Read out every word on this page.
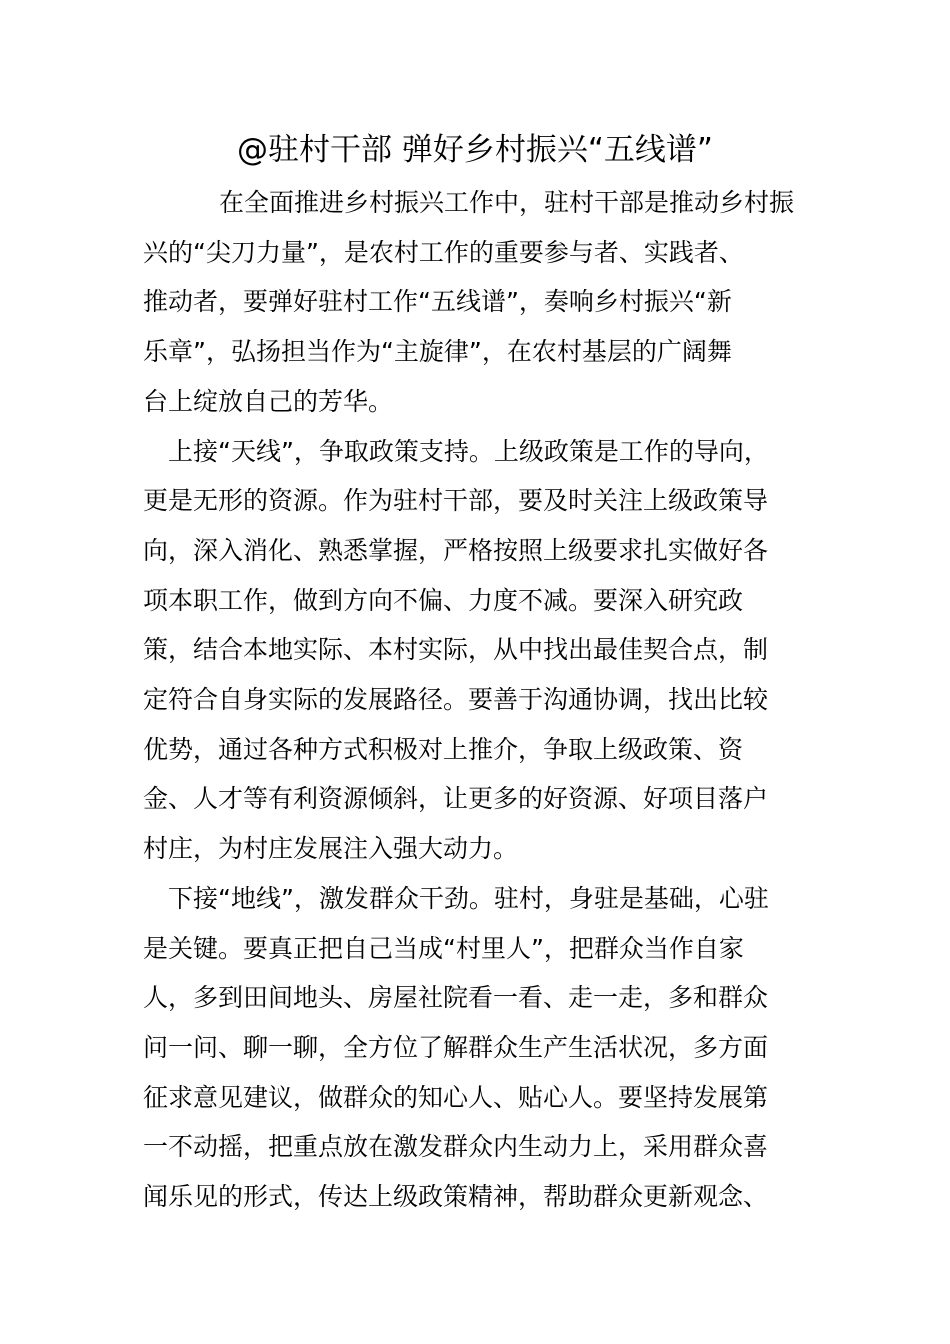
@驻村干部 弹好乡村振兴“五线谱”

在全面推进乡村振兴工作中，驻村干部是推动乡村振
兴的“尖刀力量”，是农村工作的重要参与者、实践者、
推动者，要弹好驻村工作“五线谱”，奏响乡村振兴“新
乐章”，弘扬担当作为“主旋律”，在农村基层的广阔舞
台上绽放自己的芳华。

上接“天线”，争取政策支持。上级政策是工作的导向，
更是无形的资源。作为驻村干部，要及时关注上级政策导
向，深入消化、熟悉掌握，严格按照上级要求扎实做好各
项本职工作，做到方向不偏、力度不减。要深入研究政
策，结合本地实际、本村实际，从中找出最佳契合点，制
定符合自身实际的发展路径。要善于沟通协调，找出比较
优势，通过各种方式积极对上推介，争取上级政策、资
金、人才等有利资源倾斜，让更多的好资源、好项目落户
村庄，为村庄发展注入强大动力。

下接“地线”，激发群众干劲。驻村，身驻是基础，心驻
是关键。要真正把自己当成“村里人”，把群众当作自家
人，多到田间地头、房屋社院看一看、走一走，多和群众
问一问、聊一聊，全方位了解群众生产生活状况，多方面
征求意见建议，做群众的知心人、贴心人。要坚持发展第
一不动摇，把重点放在激发群众内生动力上，采用群众喜
闻乐见的形式，传达上级政策精神，帮助群众更新观念、
